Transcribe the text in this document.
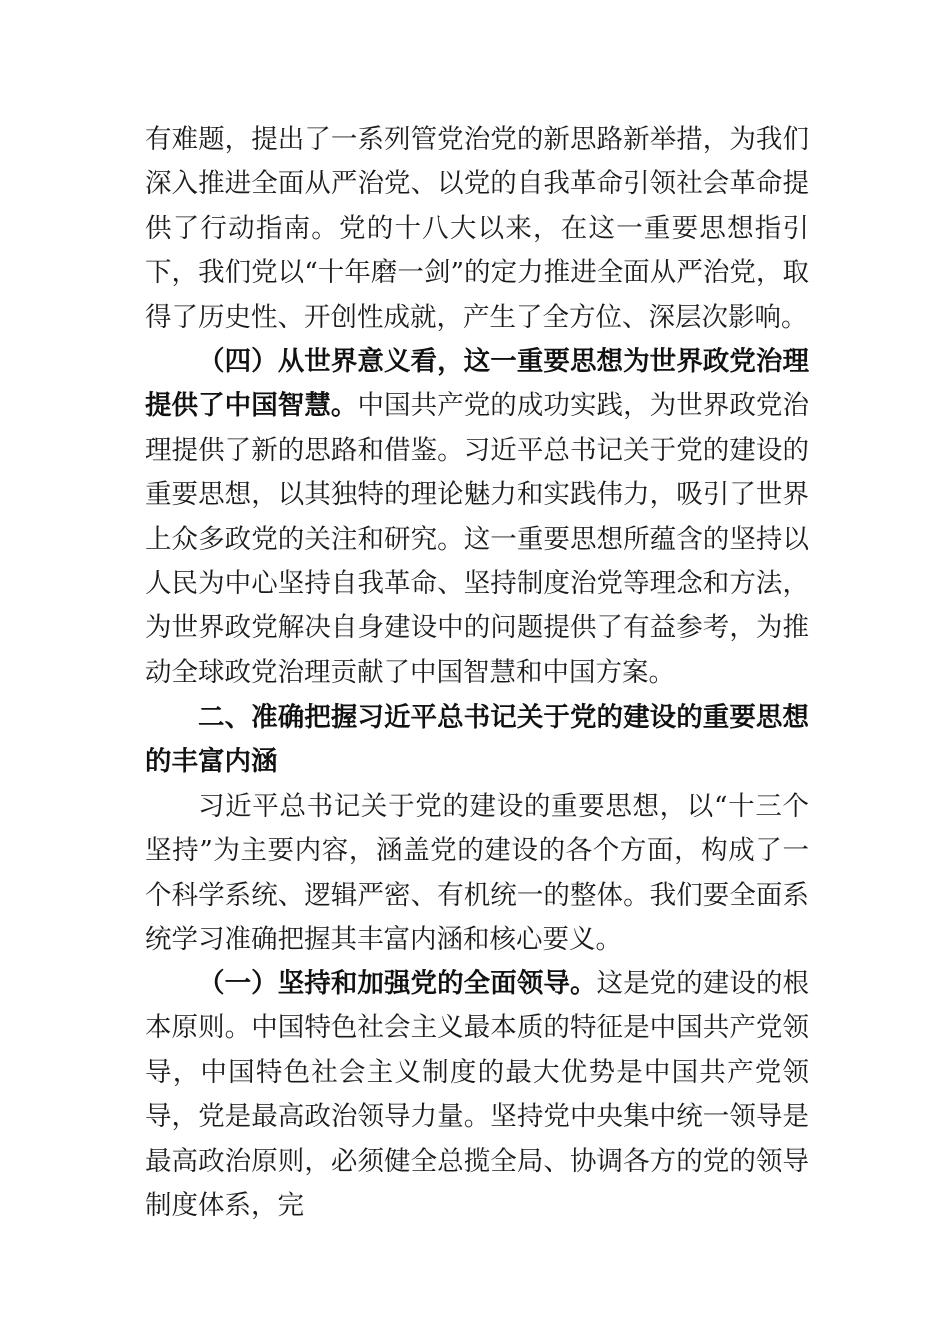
有难题，提出了一系列管党治党的新思路新举措，为我们深入推进全面从严治党、以党的自我革命引领社会革命提供了行动指南。党的十八大以来，在这一重要思想指引下，我们党以“十年磨一剑”的定力推进全面从严治党，取得了历史性、开创性成就，产生了全方位、深层次影响。

（四）从世界意义看，这一重要思想为世界政党治理提供了中国智慧。中国共产党的成功实践，为世界政党治理提供了新的思路和借鉴。习近平总书记关于党的建设的重要思想，以其独特的理论魅力和实践伟力，吸引了世界上众多政党的关注和研究。这一重要思想所蕴含的坚持以人民为中心坚持自我革命、坚持制度治党等理念和方法，为世界政党解决自身建设中的问题提供了有益参考，为推动全球政党治理贡献了中国智慧和中国方案。

二、准确把握习近平总书记关于党的建设的重要思想的丰富内涵

习近平总书记关于党的建设的重要思想，以“十三个坚持”为主要内容，涵盖党的建设的各个方面，构成了一个科学系统、逻辑严密、有机统一的整体。我们要全面系统学习准确把握其丰富内涵和核心要义。

（一）坚持和加强党的全面领导。这是党的建设的根本原则。中国特色社会主义最本质的特征是中国共产党领导，中国特色社会主义制度的最大优势是中国共产党领导，党是最高政治领导力量。坚持党中央集中统一领导是最高政治原则，必须健全总揽全局、协调各方的党的领导制度体系，完
